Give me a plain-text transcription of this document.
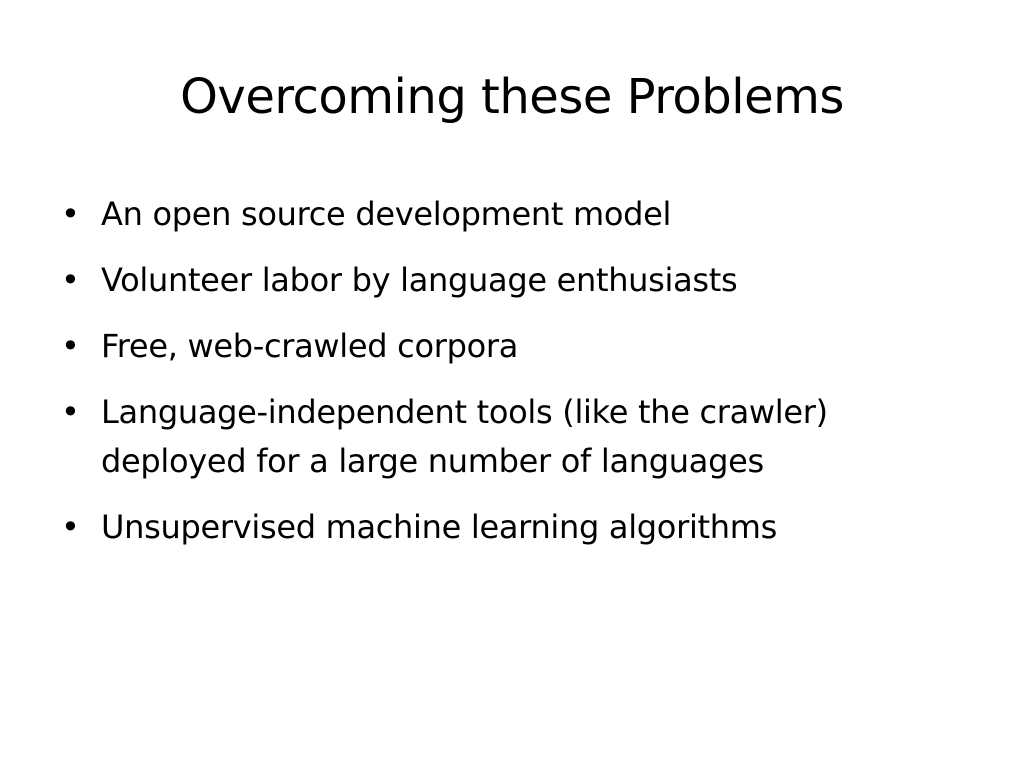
Overcoming these Problems
• An open source development model
• Volunteer labor by language enthusiasts
• Free, web-crawled corpora
• Language-independent tools (like the crawler) deployed for a large number of languages
• Unsupervised machine learning algorithms
